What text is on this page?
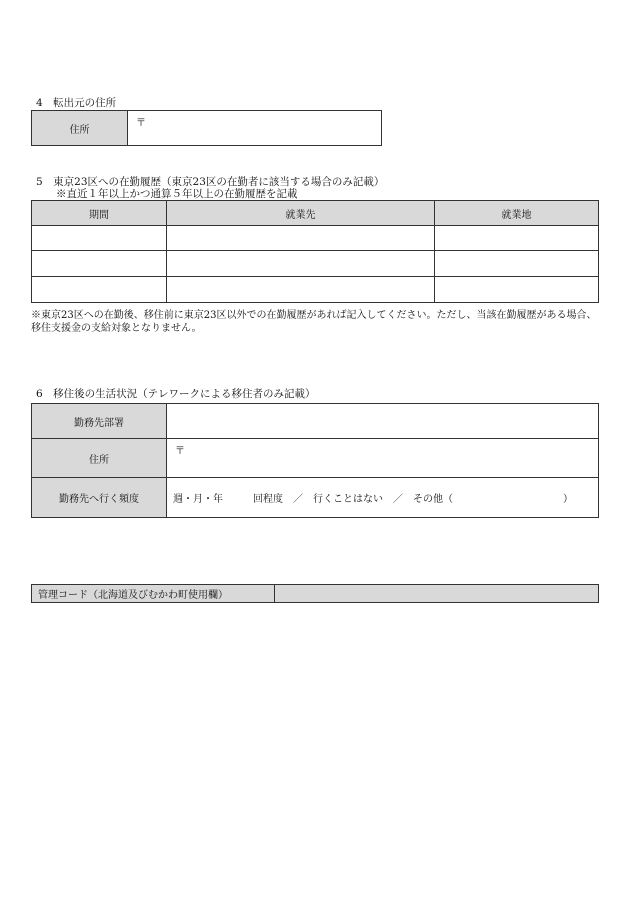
4　転出元の住所
住所	〒
5　東京23区への在勤履歴（東京23区の在勤者に該当する場合のみ記載）
※直近１年以上かつ通算５年以上の在勤履歴を記載
期間	就業先	就業地

※東京23区への在勤後、移住前に東京23区以外での在勤履歴があれば記入してください。ただし、当該在勤履歴がある場合、移住支援金の支給対象となりません。
6　移住後の生活状況（テレワークによる移住者のみ記載）
勤務先部署	
住所	〒
勤務先へ行く頻度	週・月・年　　　回程度　／　行くことはない　／　その他（　　　　　　　　　　　）
管理コード（北海道及びむかわ町使用欄）	
